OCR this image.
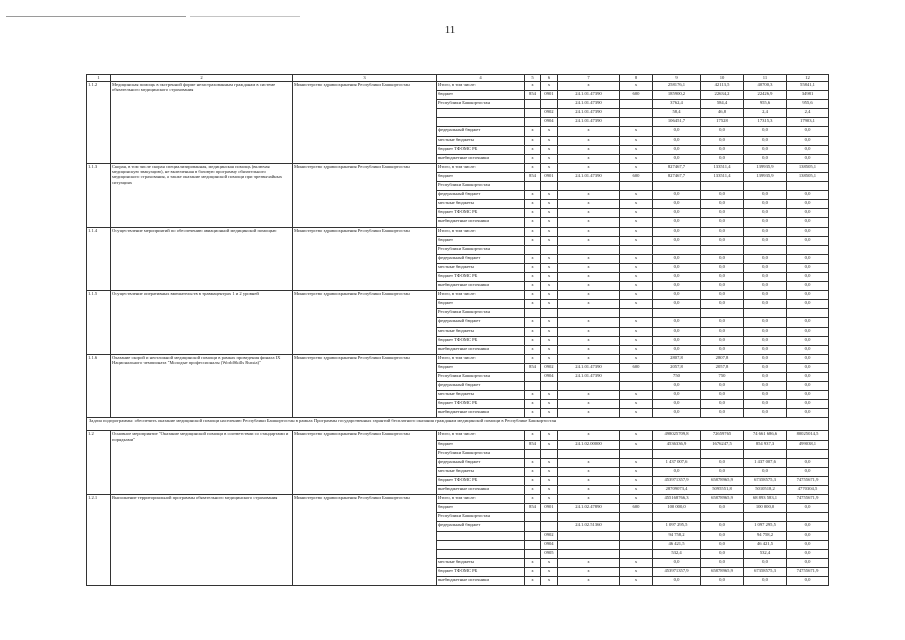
11
1	2	3	4	5	6	7	8	9	10	11	12
1.1.2	Медицинская помощь в экстренной форме незастрахованным гражданам в системе обязательного медицинского страхования	Министерство здравоохранения Республики Башкортостан	Итого, в том числе:	x	x	x	x	258176,1	42113,5	40700,3	55841,1
			бюджет	854	0901	24.1.01.47390	600	185900,2	22634,2	22426,9	34981
			Республики Башкортостан			24.1.01.47390		3762,4	584,4	955,6	955,6
					0902	24.1.01.47390		58,4	46,8	2,4	2,4
					0904	24.1.01.47390		106451,7	17528	17315,3	17903,1
			федеральный бюджет	x	x	x	x	0,0	0,0	0,0	0,0
			местные бюджеты	x	x	x	x	0,0	0,0	0,0	0,0
			бюджет ТФОМС РБ	x	x	x	x	0,0	0,0	0,0	0,0
			внебюджетные источники	x	x	x	x	0,0	0,0	0,0	0,0
1.1.3	Скорая, в том числе скорая специализированная, медицинская помощь (включая медицинскую эвакуацию), не включенная в базовую программу обязательного медицинского страхования, а также оказание медицинской помощи при чрезвычайных ситуациях	Министерство здравоохранения Республики Башкортостан	Итого, в том числе:	x	x	x	x	827467,7	133511,4	139935,9	138505,1
			бюджет	854	0901	24.1.01.47390	600	827467,7	133511,4	139935,9	138505,1
			Республики Башкортостан								
			федеральный бюджет	x	x	x	x	0,0	0,0	0,0	0,0
			местные бюджеты	x	x	x	x	0,0	0,0	0,0	0,0
			бюджет ТФОМС РБ	x	x	x	x	0,0	0,0	0,0	0,0
			внебюджетные источники	x	x	x	x	0,0	0,0	0,0	0,0
1.1.4	Осуществление мероприятий по обеспечению авиационной медицинской помощью	Министерство здравоохранения Республики Башкортостан	Итого, в том числе:	x	x	x	x	0,0	0,0	0,0	0,0
			бюджет	x	x	x	x	0,0	0,0	0,0	0,0
			Республики Башкортостан								
			федеральный бюджет	x	x	x	x	0,0	0,0	0,0	0,0
			местные бюджеты	x	x	x	x	0,0	0,0	0,0	0,0
			бюджет ТФОМС РБ	x	x	x	x	0,0	0,0	0,0	0,0
			внебюджетные источники	x	x	x	x	0,0	0,0	0,0	0,0
1.1.5	Осуществление оперативных вмешательств в травмацентрах 1 и 2 уровней	Министерство здравоохранения Республики Башкортостан	Итого, в том числе:	x	x	x	x	0,0	0,0	0,0	0,0
			бюджет	x	x	x	x	0,0	0,0	0,0	0,0
			Республики Башкортостан								
			федеральный бюджет	x	x	x	x	0,0	0,0	0,0	0,0
			местные бюджеты	x	x	x	x	0,0	0,0	0,0	0,0
			бюджет ТФОМС РБ	x	x	x	x	0,0	0,0	0,0	0,0
			внебюджетные источники	x	x	x	x	0,0	0,0	0,0	0,0
1.1.6	Оказание скорой и неотложной медицинской помощи в рамках проведения финала IX Национального чемпионата "Молодые профессионалы (WorldSkills Russia)"	Министерство здравоохранения Республики Башкортостан	Итого, в том числе:	x	x	x	x	2807,8	2807,8	0,0	0,0
			бюджет	854	0902	24.1.01.47390	600	2057,8	2057,8	0,0	0,0
			Республики Башкортостан		0904	24.1.01.47390		750	750	0,0	0,0
			федеральный бюджет					0,0	0,0	0,0	0,0
			местные бюджеты	x	x	x	x	0,0	0,0	0,0	0,0
			бюджет ТФОМС РБ	x	x	x	x	0,0	0,0	0,0	0,0
			внебюджетные источники	x	x	x	x	0,0	0,0	0,0	0,0
Задача подпрограммы: обеспечить оказание медицинской помощи населению Республики Башкортостан в рамках Программы государственных гарантий бесплатного оказания гражданам медицинской помощи в Республике Башкортостан											
1.2	Основное мероприятие "Оказание медицинской помощи в соответствии со стандартами и порядками"	Министерство здравоохранения Республики Башкортостан	Итого, в том числе:	x	x	x	x	498025709,8	72659765	74 661 686,6	80025014,5
			бюджет	854	x	24.1.02.00000	x	4536336,9	1676247,5	854 937,3	499038,1
			Республики Башкортостан								
			федеральный бюджет	x	x	x	x	1 437 007,6	0,0	1 437 007,6	0,0
			местные бюджеты	x	x	x	x	0,0	0,0	0,0	0,0
			бюджет ТФОМС РБ	x	x	x	x	453971357,9	65878965,9	67358575,3	74755671,9
			внебюджетные источники	x	x	x	x	28709073,4	5095551,8	5010518,2	4770304,5
1.2.1	Выполнение территориальной программы обязательного медицинского страхования	Министерство здравоохранения Республики Башкортостан	Итого, в том числе:	x	x	x	x	455168766,3	65878965,9	68 893 583,1	74755671,9
			бюджет	854	0901	24.1.02.47890	600	100 000,0	0,0	100 000,0	0,0
			Республики Башкортостан								
			федеральный бюджет			24.1.02.51360		1 097 295,5	0,0	1 097 295,5	0,0
					0902			94 758,2	0,0	94 758,2	0,0
					0904			46 421,5	0,0	46 421,5	0,0
					0905			532,4	0,0	532,4	0,0
			местные бюджеты	x	x	x	x	0,0	0,0	0,0	0,0
			бюджет ТФОМС РБ	x	x	x	x	453971357,9	65878965,9	67358575,3	74755671,9
			внебюджетные источники	x	x	x	x	0,0	0,0	0,0	0,0
